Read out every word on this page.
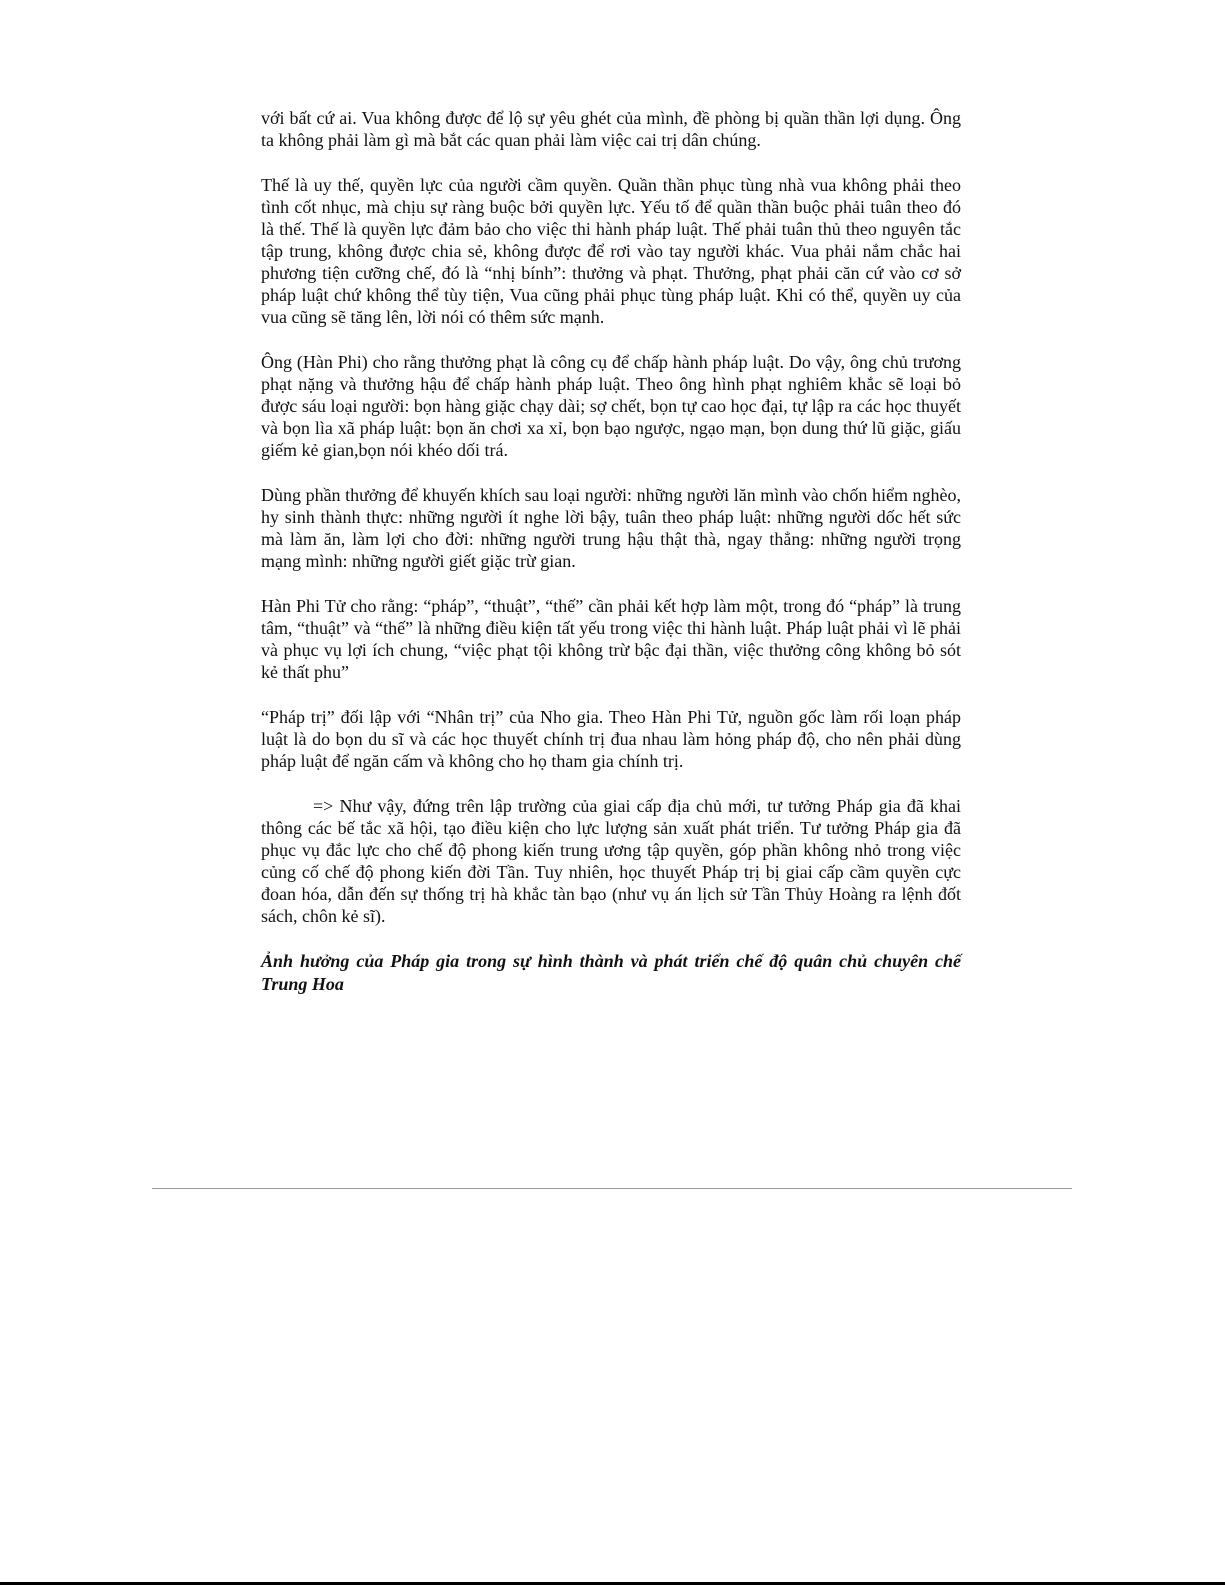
với bất cứ ai. Vua không được để lộ sự yêu ghét của mình, đề phòng bị quần thần lợi dụng. Ông ta không phải làm gì mà bắt các quan phải làm việc cai trị dân chúng.

Thế là uy thế, quyền lực của người cầm quyền. Quần thần phục tùng nhà vua không phải theo tình cốt nhục, mà chịu sự ràng buộc bởi quyền lực. Yếu tố để quần thần buộc phải tuân theo đó là thế. Thế là quyền lực đảm bảo cho việc thi hành pháp luật. Thế phải tuân thủ theo nguyên tắc tập trung, không được chia sẻ, không được để rơi vào tay người khác. Vua phải nắm chắc hai phương tiện cưỡng chế, đó là “nhị bính”: thưởng và phạt. Thưởng, phạt phải căn cứ vào cơ sở pháp luật chứ không thể tùy tiện, Vua cũng phải phục tùng pháp luật. Khi có thể, quyền uy của vua cũng sẽ tăng lên, lời nói có thêm sức mạnh.

Ông (Hàn Phi) cho rằng thưởng phạt là công cụ để chấp hành pháp luật. Do vậy, ông chủ trương phạt nặng và thưởng hậu để chấp hành pháp luật. Theo ông hình phạt nghiêm khắc sẽ loại bỏ được sáu loại người: bọn hàng giặc chạy dài; sợ chết, bọn tự cao học đại, tự lập ra các học thuyết và bọn lìa xã pháp luật: bọn ăn chơi xa xỉ, bọn bạo ngược, ngạo mạn, bọn dung thứ lũ giặc, giấu giếm kẻ gian,bọn nói khéo dối trá.

Dùng phần thưởng để khuyến khích sau loại người: những người lăn mình vào chốn hiểm nghèo, hy sinh thành thực: những người ít nghe lời bậy, tuân theo pháp luật: những người dốc hết sức mà làm ăn, làm lợi cho đời: những người trung hậu thật thà, ngay thẳng: những người trọng mạng mình: những người giết giặc trừ gian.

Hàn Phi Tử cho rằng: “pháp”, “thuật”, “thế” cần phải kết hợp làm một, trong đó “pháp” là trung tâm, “thuật” và “thế” là những điều kiện tất yếu trong việc thi hành luật. Pháp luật phải vì lẽ phải và phục vụ lợi ích chung, “việc phạt tội không trừ bậc đại thần, việc thưởng công không bỏ sót kẻ thất phu”

“Pháp trị” đối lập với “Nhân trị” của Nho gia. Theo Hàn Phi Tử, nguồn gốc làm rối loạn pháp luật là do bọn du sĩ và các học thuyết chính trị đua nhau làm hỏng pháp độ, cho nên phải dùng pháp luật để ngăn cấm và không cho họ tham gia chính trị.

=> Như vậy, đứng trên lập trường của giai cấp địa chủ mới, tư tưởng Pháp gia đã khai thông các bế tắc xã hội, tạo điều kiện cho lực lượng sản xuất phát triển. Tư tưởng Pháp gia đã phục vụ đắc lực cho chế độ phong kiến trung ương tập quyền, góp phần không nhỏ trong việc củng cố chế độ phong kiến đời Tần. Tuy nhiên, học thuyết Pháp trị bị giai cấp cầm quyền cực đoan hóa, dẫn đến sự thống trị hà khắc tàn bạo (như vụ án lịch sử Tần Thủy Hoàng ra lệnh đốt sách, chôn kẻ sĩ).

Ảnh hưởng của Pháp gia trong sự hình thành và phát triển chế độ quân chủ chuyên chế Trung Hoa
